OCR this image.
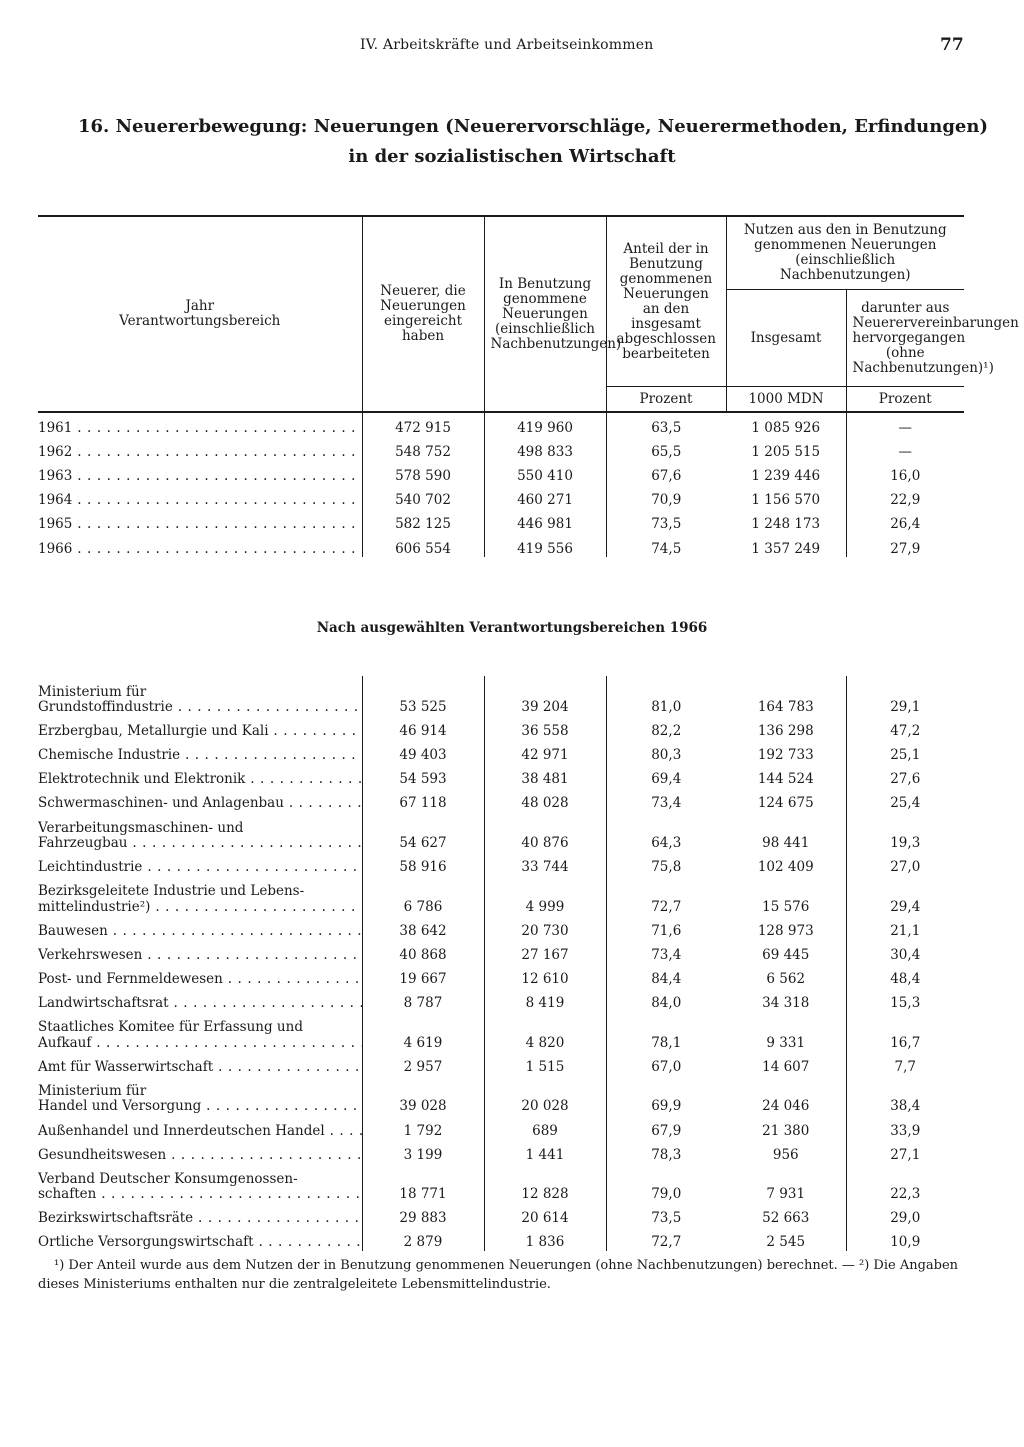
IV. Arbeitskräfte und Arbeitseinkommen	77
16. Neuererbewegung: Neuerungen (Neuerervorschläge, Neuerermethoden, Erfindungen)
in der sozialistischen Wirtschaft
Jahr
Verantwortungsbereich	Neuerer, die Neuerungen eingereicht haben	In Benutzung genommene Neuerungen (einschließlich Nachbenutzungen)	Anteil der in Benutzung genommenen Neuerungen an den insgesamt abgeschlossen bearbeiteten	Nutzen aus den in Benutzung genommenen Neuerungen (einschließlich Nachbenutzungen)	
				Insgesamt	darunter aus Neuerervereinbarungen hervorgegangen (ohne Nachbenutzungen)¹)
			Prozent	1000 MDN	Prozent
1961 . . .	472 915	419 960	63,5	1 085 926	—

1962 . . .	548 752	498 833	65,5	1 205 515	—

1963 . . .	578 590	550 410	67,6	1 239 446	16,0

1964 . . .	540 702	460 271	70,9	1 156 570	22,9

1965 . . .	582 125	446 981	73,5	1 248 173	26,4

1966 . . .	606 554	419 556	74,5	1 357 249	27,9
Nach ausgewählten Verantwortungsbereichen 1966
Ministerium für
Grundstoffindustrie . . .	53 525	39 204	81,0	164 783	29,1

Erzbergbau, Metallurgie und Kali . . .	46 914	36 558	82,2	136 298	47,2

Chemische Industrie . . .	49 403	42 971	80,3	192 733	25,1

Elektrotechnik und Elektronik . . .	54 593	38 481	69,4	144 524	27,6

Schwermaschinen- und Anlagenbau . . .	67 118	48 028	73,4	124 675	25,4

Verarbeitungsmaschinen- und
Fahrzeugbau . . .	54 627	40 876	64,3	98 441	19,3

Leichtindustrie . . .	58 916	33 744	75,8	102 409	27,0

Bezirksgeleitete Industrie und Lebens-
mittelindustrie²) . . .	6 786	4 999	72,7	15 576	29,4

Bauwesen . . .	38 642	20 730	71,6	128 973	21,1

Verkehrswesen . . .	40 868	27 167	73,4	69 445	30,4

Post- und Fernmeldewesen . . .	19 667	12 610	84,4	6 562	48,4

Landwirtschaftsrat . . .	8 787	8 419	84,0	34 318	15,3

Staatliches Komitee für Erfassung und
Aufkauf . . .	4 619	4 820	78,1	9 331	16,7

Amt für Wasserwirtschaft . . .	2 957	1 515	67,0	14 607	7,7

Ministerium für
Handel und Versorgung . . .	39 028	20 028	69,9	24 046	38,4

Außenhandel und Innerdeutschen Handel . . .	1 792	689	67,9	21 380	33,9

Gesundheitswesen . . .	3 199	1 441	78,3	956	27,1

Verband Deutscher Konsumgenossen-
schaften . . .	18 771	12 828	79,0	7 931	22,3

Bezirkswirtschaftsräte . . .	29 883	20 614	73,5	52 663	29,0

Örtliche Versorgungswirtschaft . . .	2 879	1 836	72,7	2 545	10,9
¹) Der Anteil wurde aus dem Nutzen der in Benutzung genommenen Neuerungen (ohne Nachbenutzungen) berechnet. — ²) Die Angaben dieses Ministeriums enthalten nur die zentralgeleitete Lebensmittelindustrie.
